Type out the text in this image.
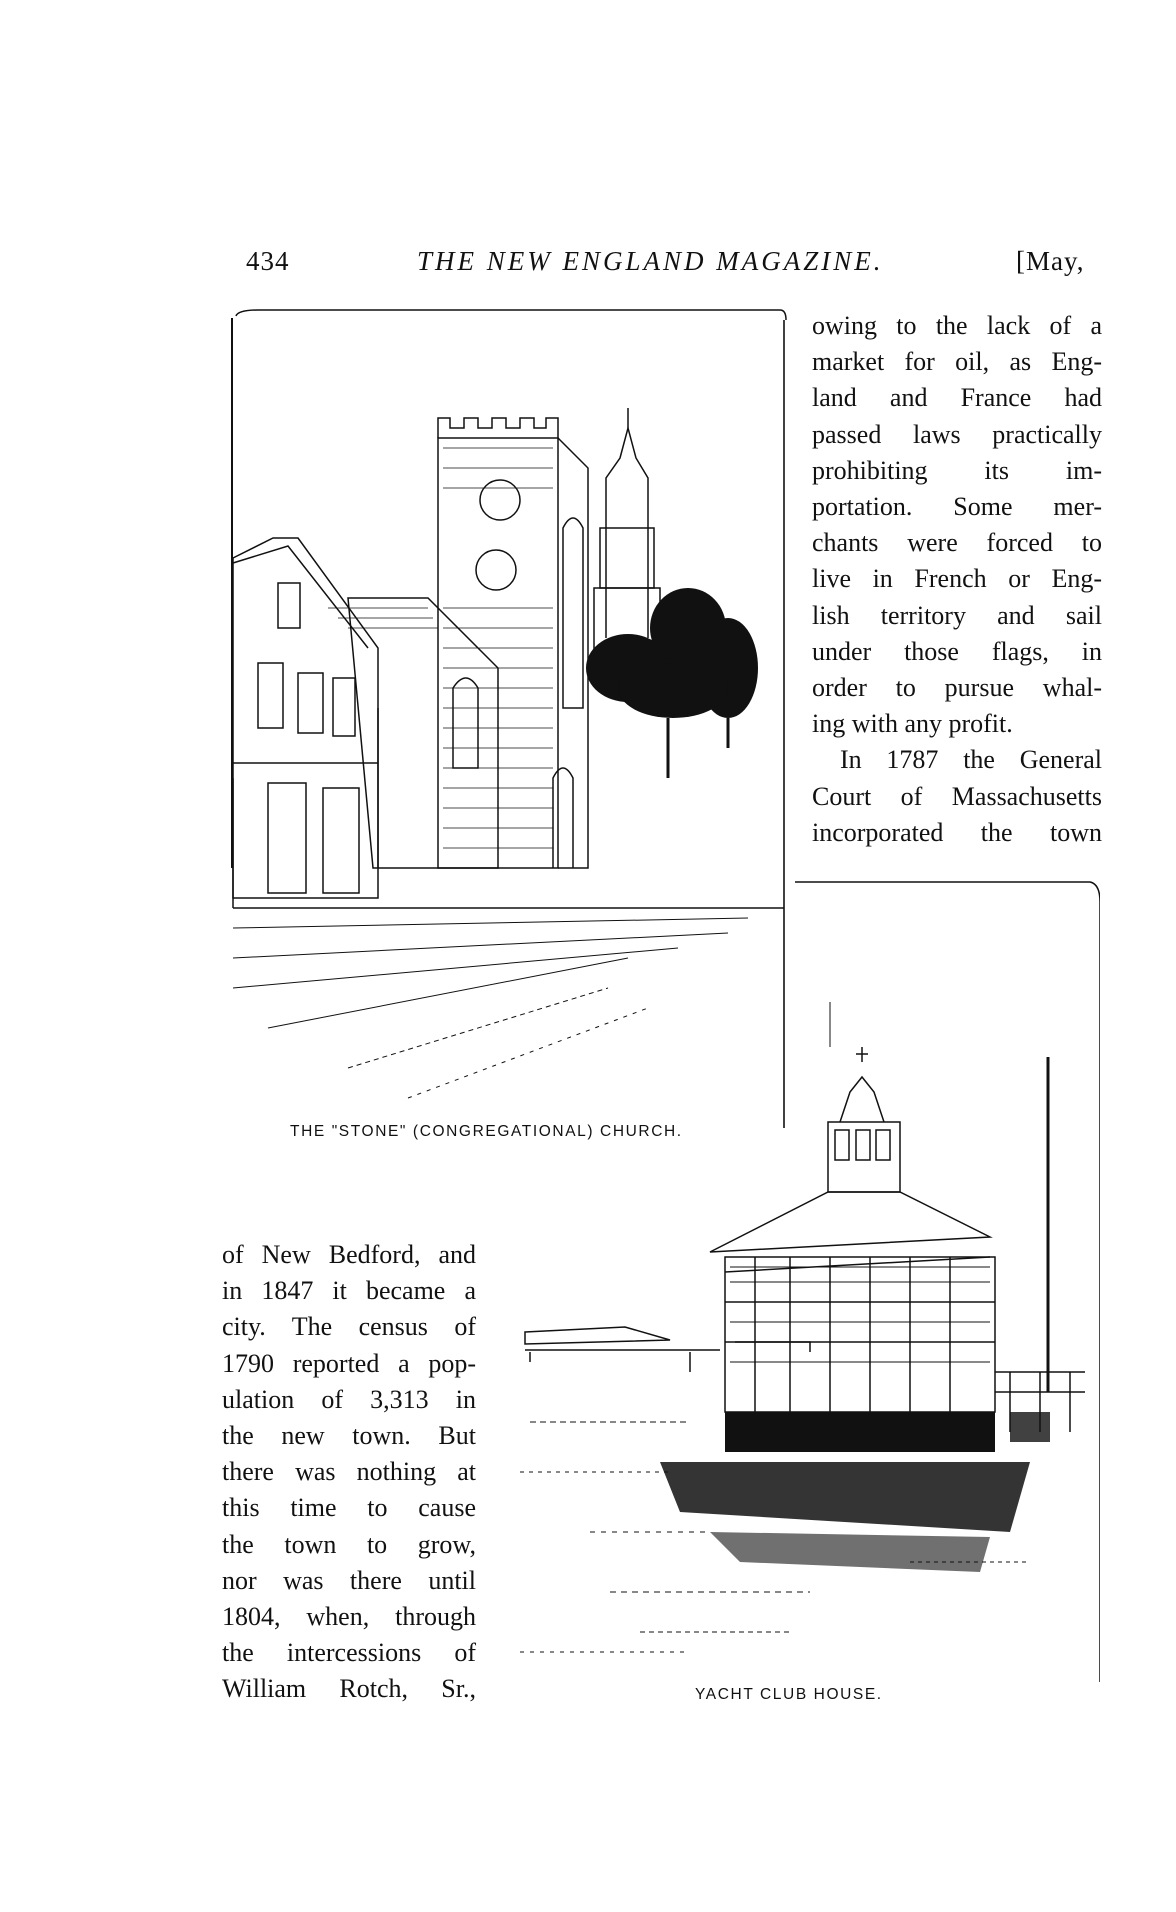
434	THE NEW ENGLAND MAGAZINE.	[May,
THE "STONE" (CONGREGATIONAL) CHURCH.
owing to the lack of a
market for oil, as Eng-
land and France had
passed laws practically
prohibiting its im-
portation. Some mer-
chants were forced to
live in French or Eng-
lish territory and sail
under those flags, in
order to pursue whal-
ing with any profit.
In 1787 the General
Court of Massachusetts
incorporated the town
of New Bedford, and
in 1847 it became a
city. The census of
1790 reported a pop-
ulation of 3,313 in
the new town. But
there was nothing at
this time to cause
the town to grow,
nor was there until
1804, when, through
the intercessions of
William Rotch, Sr.,	YACHT CLUB HOUSE.
